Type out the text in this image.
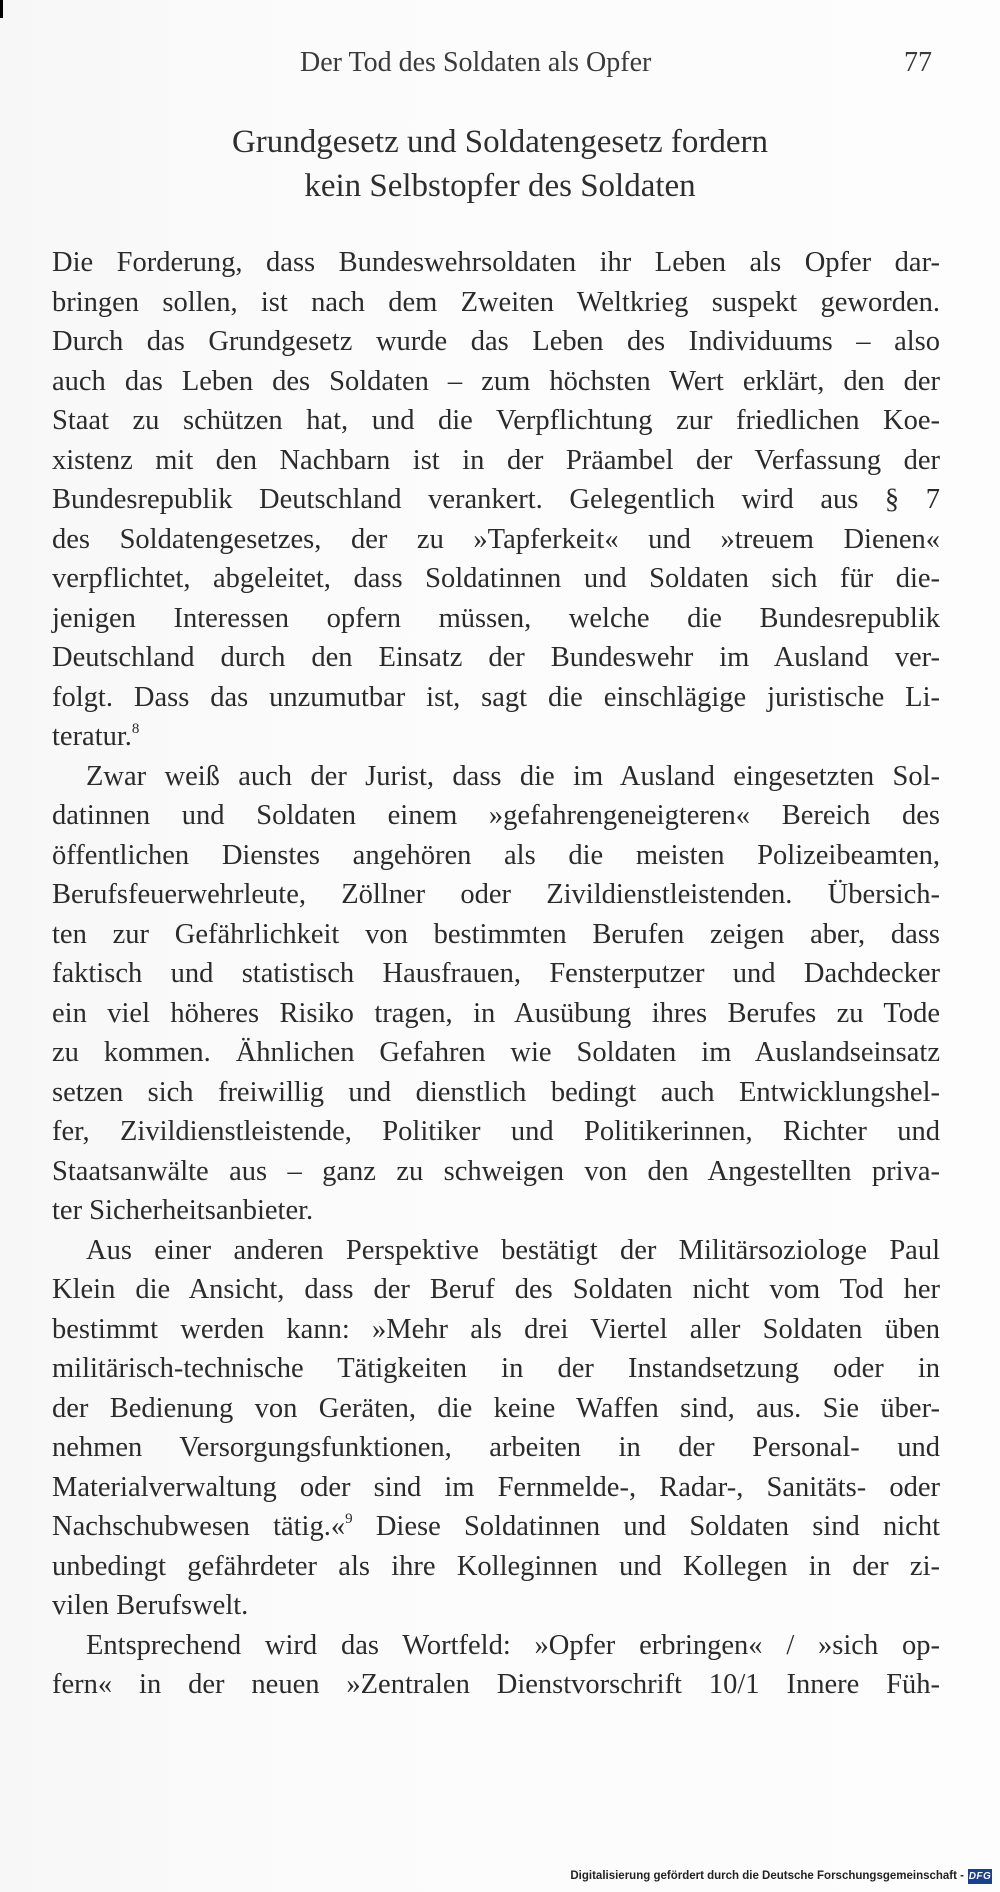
Der Tod des Soldaten als Opfer	77
Grundgesetz und Soldatengesetz fordern
kein Selbstopfer des Soldaten
Die Forderung, dass Bundeswehrsoldaten ihr Leben als Opfer dar-
bringen sollen, ist nach dem Zweiten Weltkrieg suspekt geworden.
Durch das Grundgesetz wurde das Leben des Individuums – also
auch das Leben des Soldaten – zum höchsten Wert erklärt, den der
Staat zu schützen hat, und die Verpflichtung zur friedlichen Koe-
xistenz mit den Nachbarn ist in der Präambel der Verfassung der
Bundesrepublik Deutschland verankert. Gelegentlich wird aus § 7
des Soldatengesetzes, der zu »Tapferkeit« und »treuem Dienen«
verpflichtet, abgeleitet, dass Soldatinnen und Soldaten sich für die-
jenigen Interessen opfern müssen, welche die Bundesrepublik
Deutschland durch den Einsatz der Bundeswehr im Ausland ver-
folgt. Dass das unzumutbar ist, sagt die einschlägige juristische Li-
teratur.$^8$
Zwar weiß auch der Jurist, dass die im Ausland eingesetzten Sol-
datinnen und Soldaten einem »gefahrengeneigteren« Bereich des
öffentlichen Dienstes angehören als die meisten Polizeibeamten,
Berufsfeuerwehrleute, Zöllner oder Zivildienstleistenden. Übersich-
ten zur Gefährlichkeit von bestimmten Berufen zeigen aber, dass
faktisch und statistisch Hausfrauen, Fensterputzer und Dachdecker
ein viel höheres Risiko tragen, in Ausübung ihres Berufes zu Tode
zu kommen. Ähnlichen Gefahren wie Soldaten im Auslandseinsatz
setzen sich freiwillig und dienstlich bedingt auch Entwicklungshel-
fer, Zivildienstleistende, Politiker und Politikerinnen, Richter und
Staatsanwälte aus – ganz zu schweigen von den Angestellten priva-
ter Sicherheitsanbieter.
Aus einer anderen Perspektive bestätigt der Militärsoziologe Paul
Klein die Ansicht, dass der Beruf des Soldaten nicht vom Tod her
bestimmt werden kann: »Mehr als drei Viertel aller Soldaten üben
militärisch-technische Tätigkeiten in der Instandsetzung oder in
der Bedienung von Geräten, die keine Waffen sind, aus. Sie über-
nehmen Versorgungsfunktionen, arbeiten in der Personal- und
Materialverwaltung oder sind im Fernmelde-, Radar-, Sanitäts- oder
Nachschubwesen tätig.«$^9$ Diese Soldatinnen und Soldaten sind nicht
unbedingt gefährdeter als ihre Kolleginnen und Kollegen in der zi-
vilen Berufswelt.
Entsprechend wird das Wortfeld: »Opfer erbringen« / »sich op-
fern« in der neuen »Zentralen Dienstvorschrift 10/1 Innere Füh-
Digitalisierung gefördert durch die Deutsche Forschungsgemeinschaft - DFG
